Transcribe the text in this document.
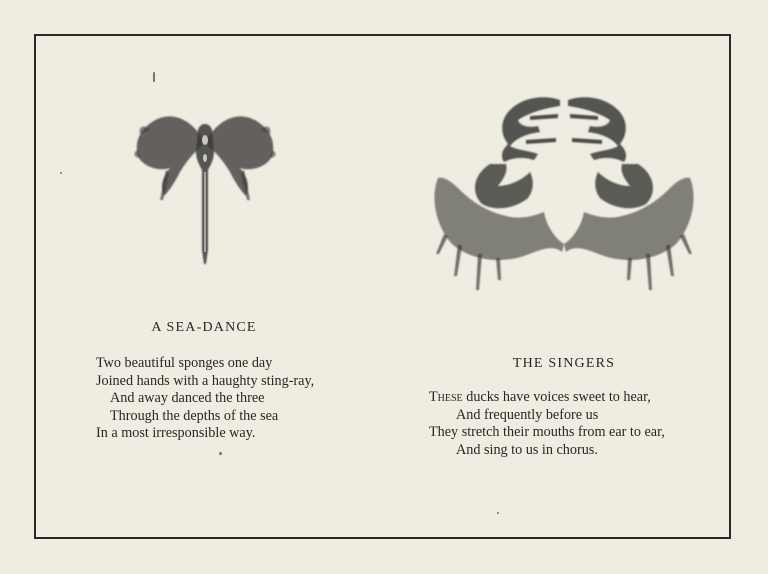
A SEA-DANCE
Two beautiful sponges one day
Joined hands with a haughty sting-ray,
And away danced the three
Through the depths of the sea
In a most irresponsible way.
THE SINGERS
These ducks have voices sweet to hear,
And frequently before us
They stretch their mouths from ear to ear,
And sing to us in chorus.
